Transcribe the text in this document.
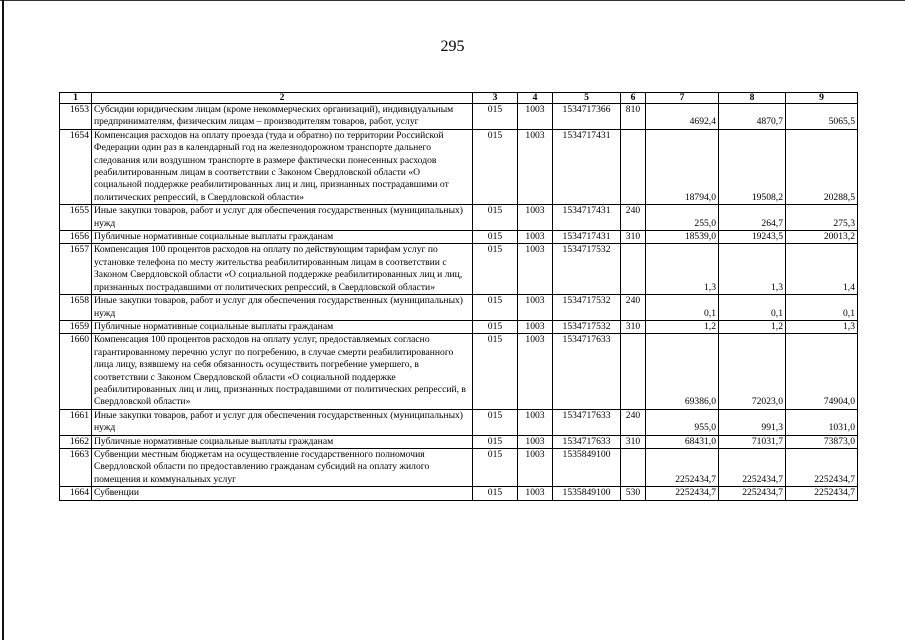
295
1	2	3	4	5	6	7	8	9
1653	Субсидии юридическим лицам (кроме некоммерческих организаций), индивидуальным предпринимателям, физическим лицам – производителям товаров, работ, услуг	015	1003	1534717366	810	4692,4	4870,7	5065,5
1654	Компенсация расходов на оплату проезда (туда и обратно) по территории Российской Федерации один раз в календарный год на железнодорожном транспорте дальнего следования или воздушном транспорте в размере фактически понесенных расходов реабилитированным лицам в соответствии с Законом Свердловской области «О социальной поддержке реабилитированных лиц и лиц, признанных пострадавшими от политических репрессий, в Свердловской области»	015	1003	1534717431		18794,0	19508,2	20288,5
1655	Иные закупки товаров, работ и услуг для обеспечения государственных (муниципальных) нужд	015	1003	1534717431	240	255,0	264,7	275,3
1656	Публичные нормативные социальные выплаты гражданам	015	1003	1534717431	310	18539,0	19243,5	20013,2
1657	Компенсация 100 процентов расходов на оплату по действующим тарифам услуг по установке телефона по месту жительства реабилитированным лицам в соответствии с Законом Свердловской области «О социальной поддержке реабилитированных лиц и лиц, признанных пострадавшими от политических репрессий, в Свердловской области»	015	1003	1534717532		1,3	1,3	1,4
1658	Иные закупки товаров, работ и услуг для обеспечения государственных (муниципальных) нужд	015	1003	1534717532	240	0,1	0,1	0,1
1659	Публичные нормативные социальные выплаты гражданам	015	1003	1534717532	310	1,2	1,2	1,3
1660	Компенсация 100 процентов расходов на оплату услуг, предоставляемых согласно гарантированному перечню услуг по погребению, в случае смерти реабилитированного лица лицу, взявшему на себя обязанность осуществить погребение умершего, в соответствии с Законом Свердловской области «О социальной поддержке реабилитированных лиц и лиц, признанных пострадавшими от политических репрессий, в Свердловской области»	015	1003	1534717633		69386,0	72023,0	74904,0
1661	Иные закупки товаров, работ и услуг для обеспечения государственных (муниципальных) нужд	015	1003	1534717633	240	955,0	991,3	1031,0
1662	Публичные нормативные социальные выплаты гражданам	015	1003	1534717633	310	68431,0	71031,7	73873,0
1663	Субвенции местным бюджетам на осуществление государственного полномочия Свердловской области по предоставлению гражданам субсидий на оплату жилого помещения и коммунальных услуг	015	1003	1535849100		2252434,7	2252434,7	2252434,7
1664	Субвенции	015	1003	1535849100	530	2252434,7	2252434,7	2252434,7
